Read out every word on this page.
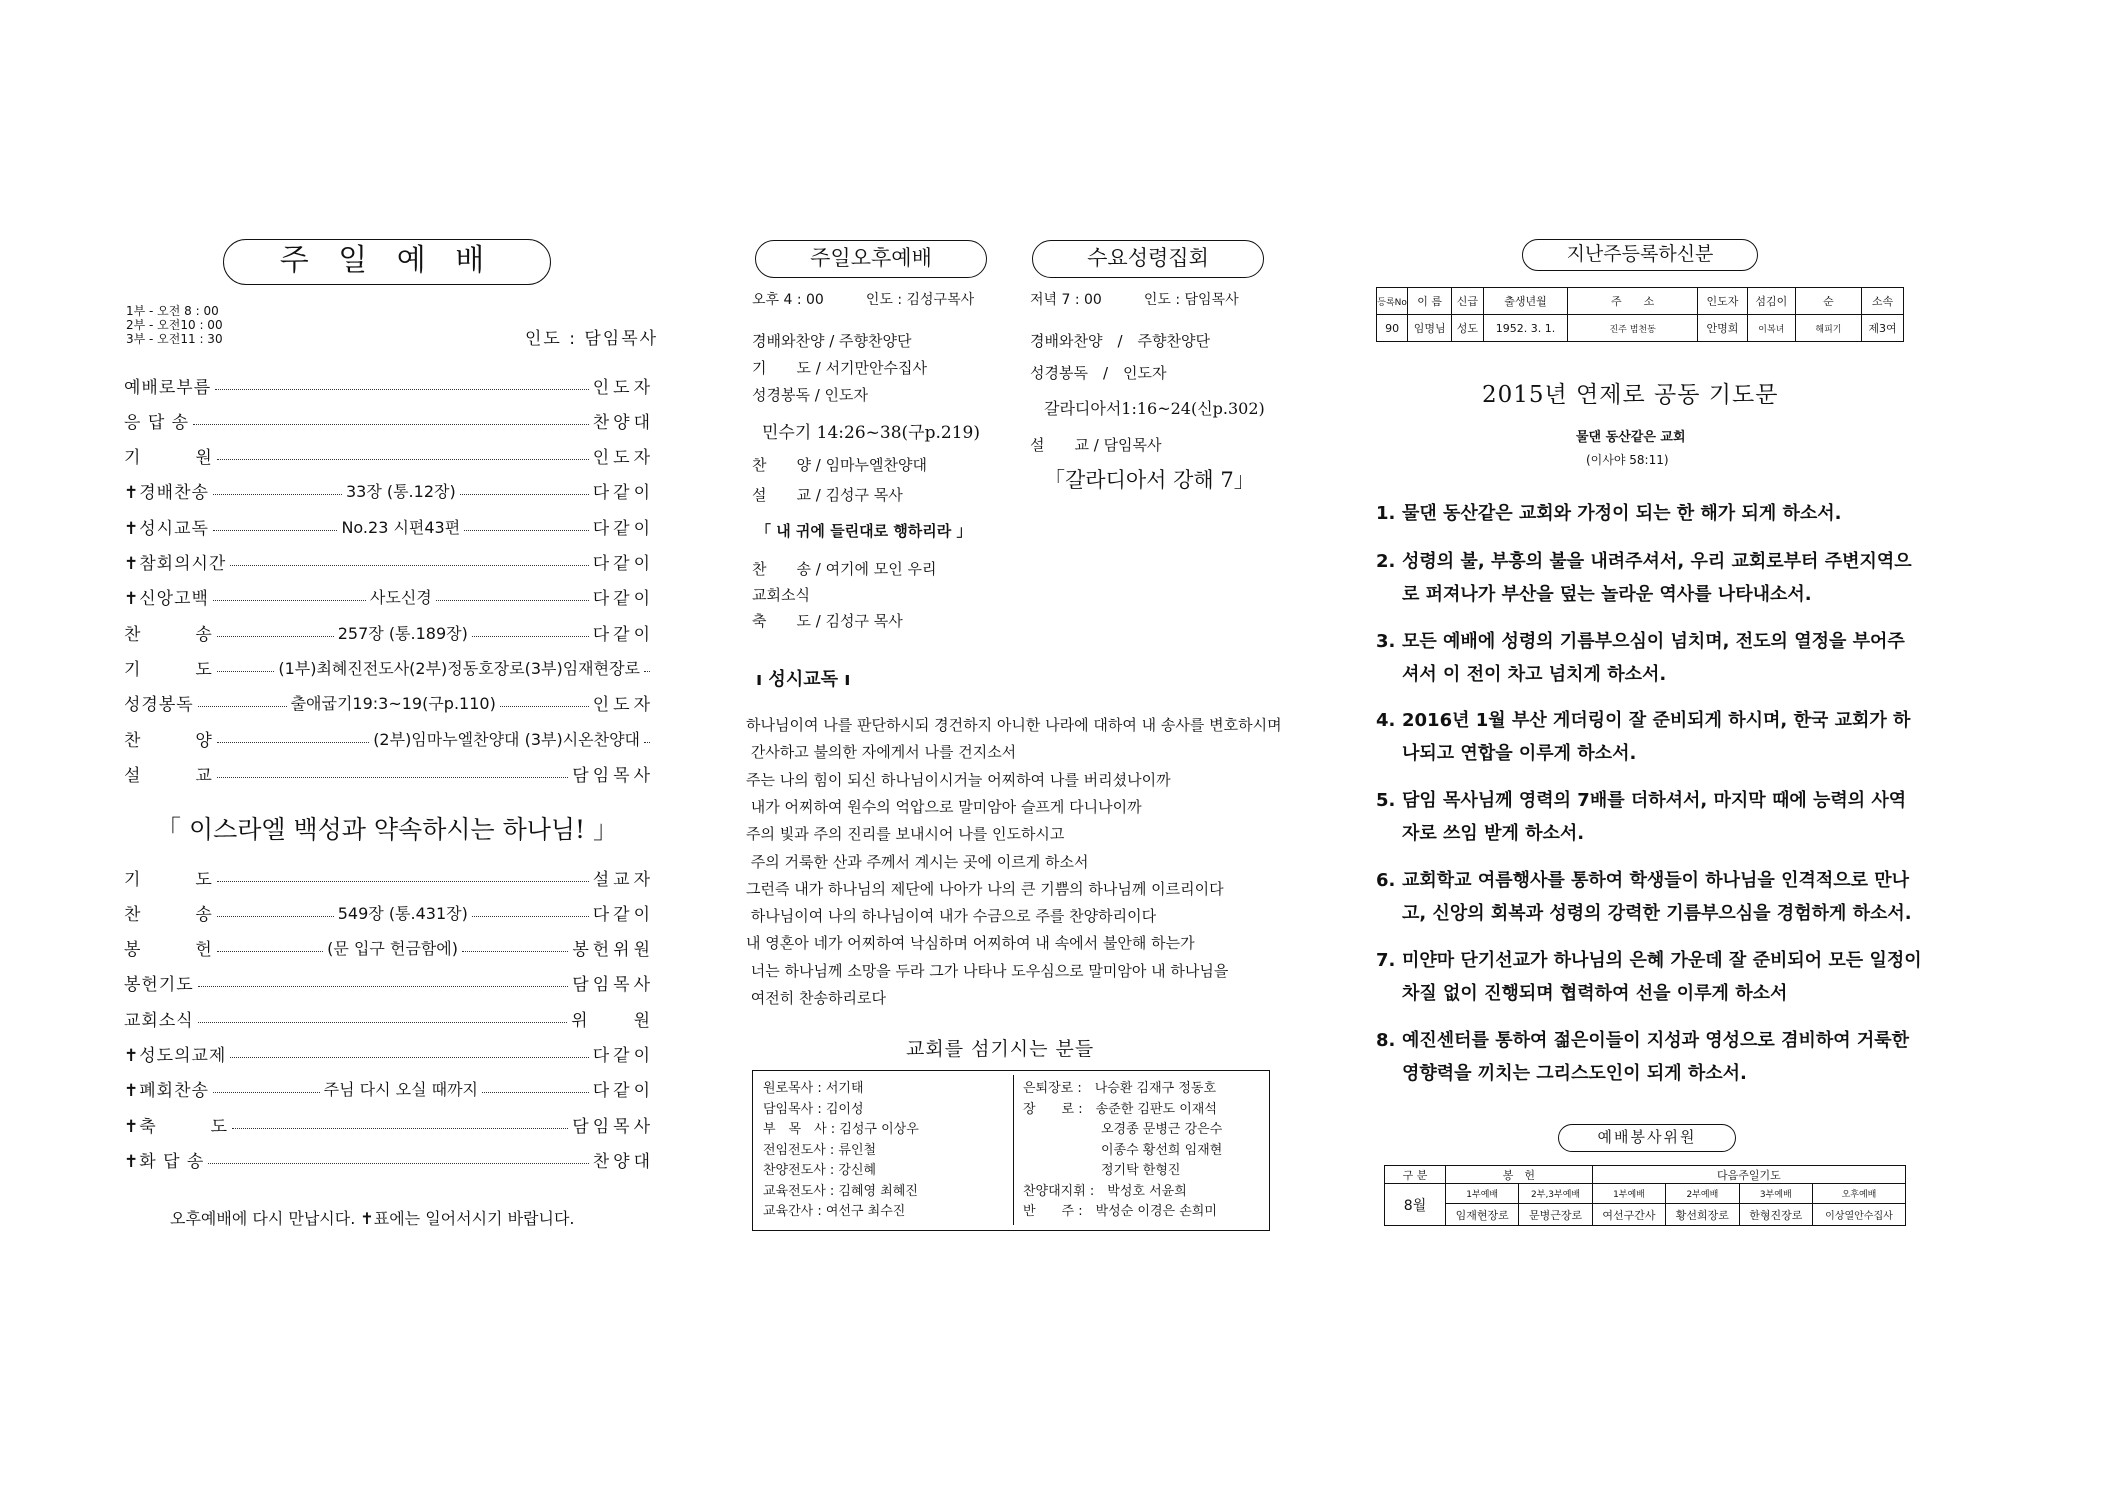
주 일 예 배
1부 - 오전 8 : 00
2부 - 오전10 : 00
3부 - 오전11 : 30	인도 : 담임목사
예배로부름	인도자
응 답 송	찬양대
기　　　원	인도자
✝경배찬송	33장 (통.12장)	다같이
✝성시교독	No.23 시편43편	다같이
✝참회의시간	다같이
✝신앙고백	사도신경	다같이
찬　　　송	257장 (통.189장)	다같이
기　　　도	(1부)최혜진전도사(2부)정동호장로(3부)임재현장로
성경봉독	출애굽기19:3~19(구p.110)	인도자
찬　　　양	(2부)임마누엘찬양대 (3부)시온찬양대
설　　　교	담임목사
「 이스라엘 백성과 약속하시는 하나님! 」
기　　　도	설교자
찬　　　송	549장 (통.431장)	다같이
봉　　　헌	(문 입구 헌금함에)	봉헌위원
봉헌기도	담임목사
교회소식	위　　원
✝성도의교제	다같이
✝폐회찬송	주님 다시 오실 때까지	다같이
✝축　　　도	담임목사
✝화 답 송	찬양대
오후예배에 다시 만납시다. ✝표에는 일어서시기 바랍니다.
주일오후예배	수요성령집회
오후 4 : 00　　　인도 : 김성구목사	저녁 7 : 00　　　인도 : 담임목사
경배와찬양 / 주향찬양단
기　　도 / 서기만안수집사
성경봉독 / 인도자
민수기 14:26~38(구p.219)
찬　　양 / 임마누엘찬양대
설　　교 / 김성구 목사
「 내 귀에 들린대로 행하리라 」
찬　　송 / 여기에 모인 우리
교회소식
축　　도 / 김성구 목사
경배와찬양　/　주향찬양단
성경봉독　/　인도자
갈라디아서1:16~24(신p.302)
설　　교 / 담임목사
「갈라디아서 강해 7」
ı 성시교독 ı
하나님이여 나를 판단하시되 경건하지 아니한 나라에 대하여 내 송사를 변호하시며
간사하고 불의한 자에게서 나를 건지소서
주는 나의 힘이 되신 하나님이시거늘 어찌하여 나를 버리셨나이까
내가 어찌하여 원수의 억압으로 말미암아 슬프게 다니나이까
주의 빛과 주의 진리를 보내시어 나를 인도하시고
주의 거룩한 산과 주께서 계시는 곳에 이르게 하소서
그런즉 내가 하나님의 제단에 나아가 나의 큰 기쁨의 하나님께 이르리이다
하나님이여 나의 하나님이여 내가 수금으로 주를 찬양하리이다
내 영혼아 네가 어찌하여 낙심하며 어찌하여 내 속에서 불안해 하는가
너는 하나님께 소망을 두라 그가 나타나 도우심으로 말미암아 내 하나님을
여전히 찬송하리로다
교회를 섬기시는 분들
원로목사 : 서기태
담임목사 : 김이성
부　목　사 : 김성구 이상우
전임전도사 : 류인철
찬양전도사 : 강신혜
교육전도사 : 김혜영 최혜진
교육간사 : 여선구 최수진
은퇴장로 :　나승환 김재구 정동호
장　　로 :　송준한 김판도 이재석
　　　　　　오경종 문병근 강은수
　　　　　　이종수 황선희 임재현
　　　　　　정기탁 한형진
찬양대지휘 :　박성호 서윤희
반　　주 :　박성순 이경은 손희미
지난주등록하신분
등록No	이 름	신급	출생년월	주　　소	인도자	섬김이	순	소속
90	임명님	성도	1952. 3. 1.	진주 범천동	안명희	이복녀	해피기	제3여
2015년 연제로 공동 기도문
물댄 동산같은 교회
(이사야 58:11)
1. 물댄 동산같은 교회와 가정이 되는 한 해가 되게 하소서.
2. 성령의 불, 부흥의 불을 내려주셔서, 우리 교회로부터 주변지역으로 퍼져나가 부산을 덮는 놀라운 역사를 나타내소서.
3. 모든 예배에 성령의 기름부으심이 넘치며, 전도의 열정을 부어주셔서 이 전이 차고 넘치게 하소서.
4. 2016년 1월 부산 게더링이 잘 준비되게 하시며, 한국 교회가 하나되고 연합을 이루게 하소서.
5. 담임 목사님께 영력의 7배를 더하셔서, 마지막 때에 능력의 사역자로 쓰임 받게 하소서.
6. 교회학교 여름행사를 통하여 학생들이 하나님을 인격적으로 만나고, 신앙의 회복과 성령의 강력한 기름부으심을 경험하게 하소서.
7. 미얀마 단기선교가 하나님의 은혜 가운데 잘 준비되어 모든 일정이 차질 없이 진행되며 협력하여 선을 이루게 하소서
8. 예진센터를 통하여 젊은이들이 지성과 영성으로 겸비하여 거룩한 영향력을 끼치는 그리스도인이 되게 하소서.
예배봉사위원
구 분	봉　헌		다음주일기도			
8월	1부예배	2부,3부예배	1부예배	2부예배	3부예배	오후예배
	임재현장로	문병근장로	여선구간사	황선희장로	한형진장로	이상열안수집사
